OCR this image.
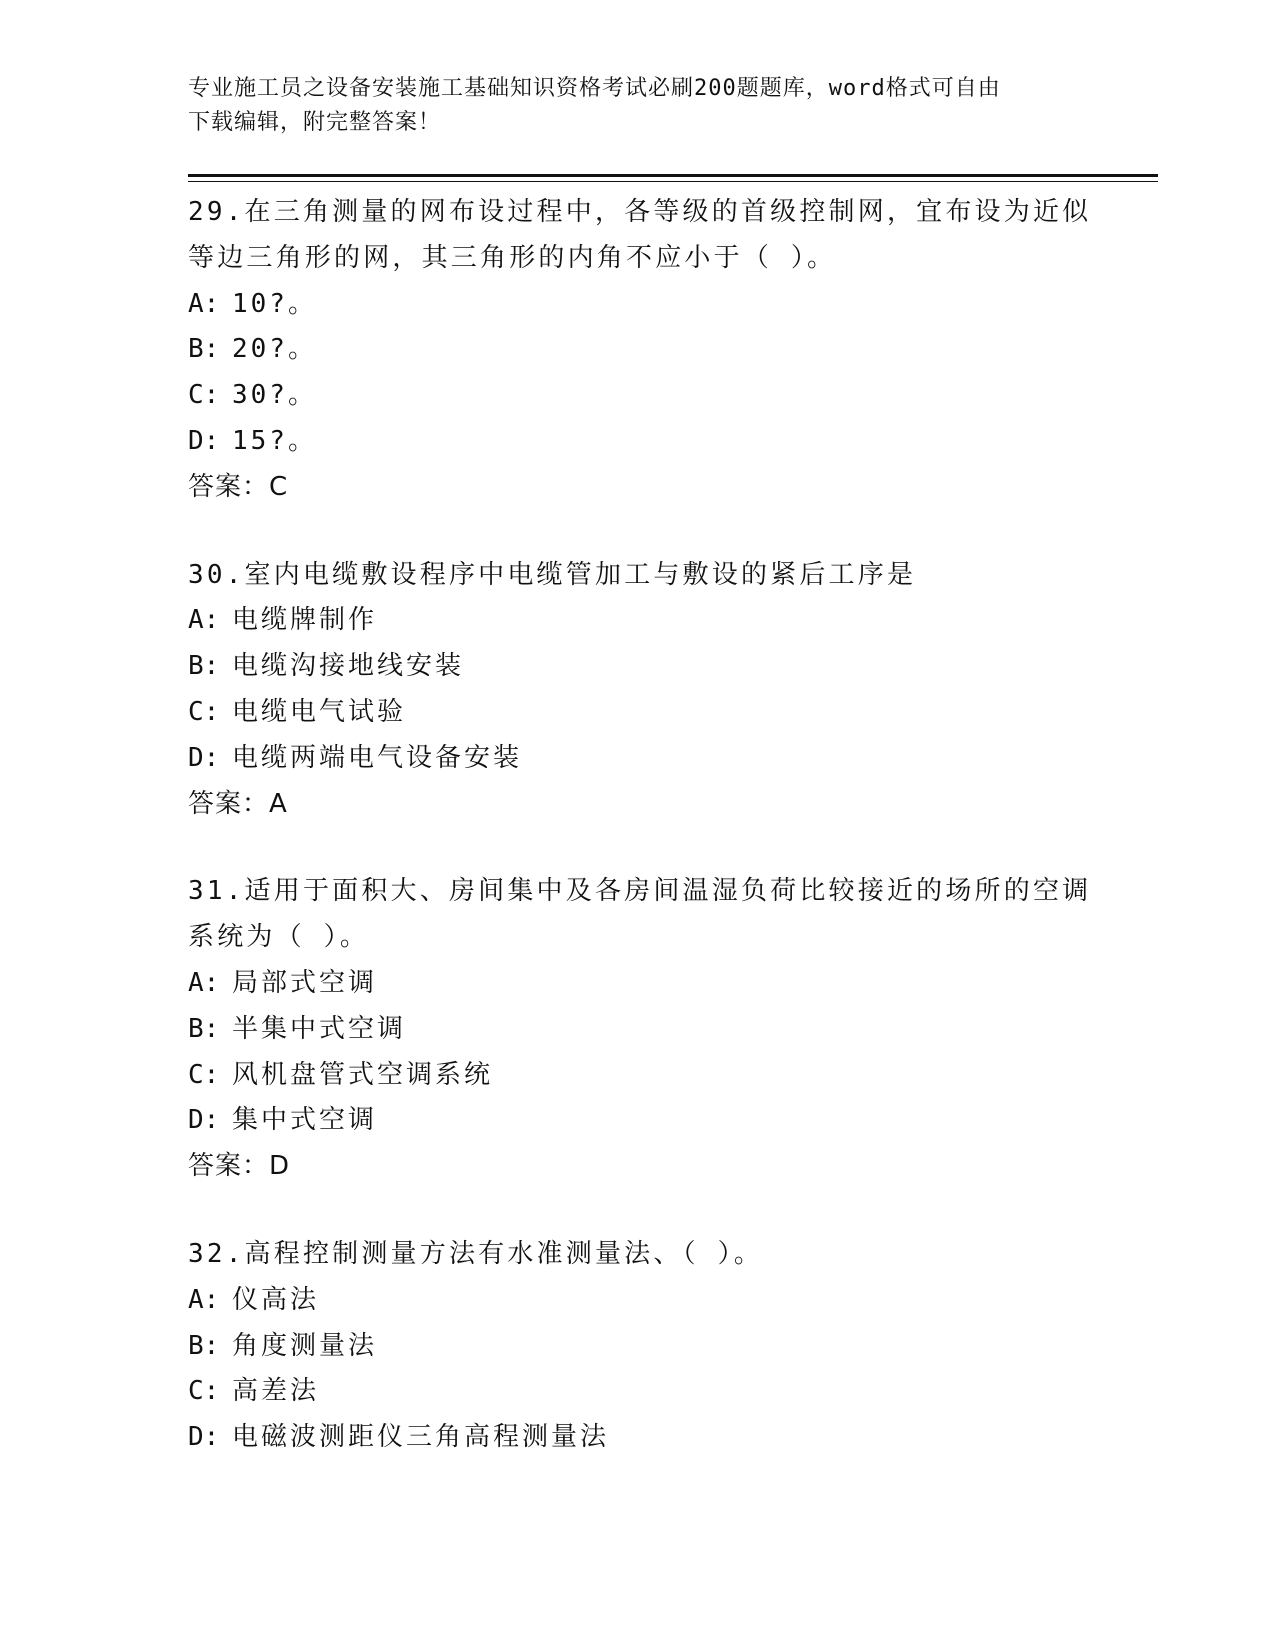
专业施工员之设备安装施工基础知识资格考试必刷200题题库，word格式可自由
下载编辑，附完整答案！
29.在三角测量的网布设过程中，各等级的首级控制网，宜布设为近似
等边三角形的网，其三角形的内角不应小于（ ）。
A: 10?。
B: 20?。
C: 30?。
D: 15?。
答案：C
30.室内电缆敷设程序中电缆管加工与敷设的紧后工序是
A: 电缆牌制作
B: 电缆沟接地线安装
C: 电缆电气试验
D: 电缆两端电气设备安装
答案：A
31.适用于面积大、房间集中及各房间温湿负荷比较接近的场所的空调
系统为（ ）。
A: 局部式空调
B: 半集中式空调
C: 风机盘管式空调系统
D: 集中式空调
答案：D
32.高程控制测量方法有水准测量法、（ ）。
A: 仪高法
B: 角度测量法
C: 高差法
D: 电磁波测距仪三角高程测量法
